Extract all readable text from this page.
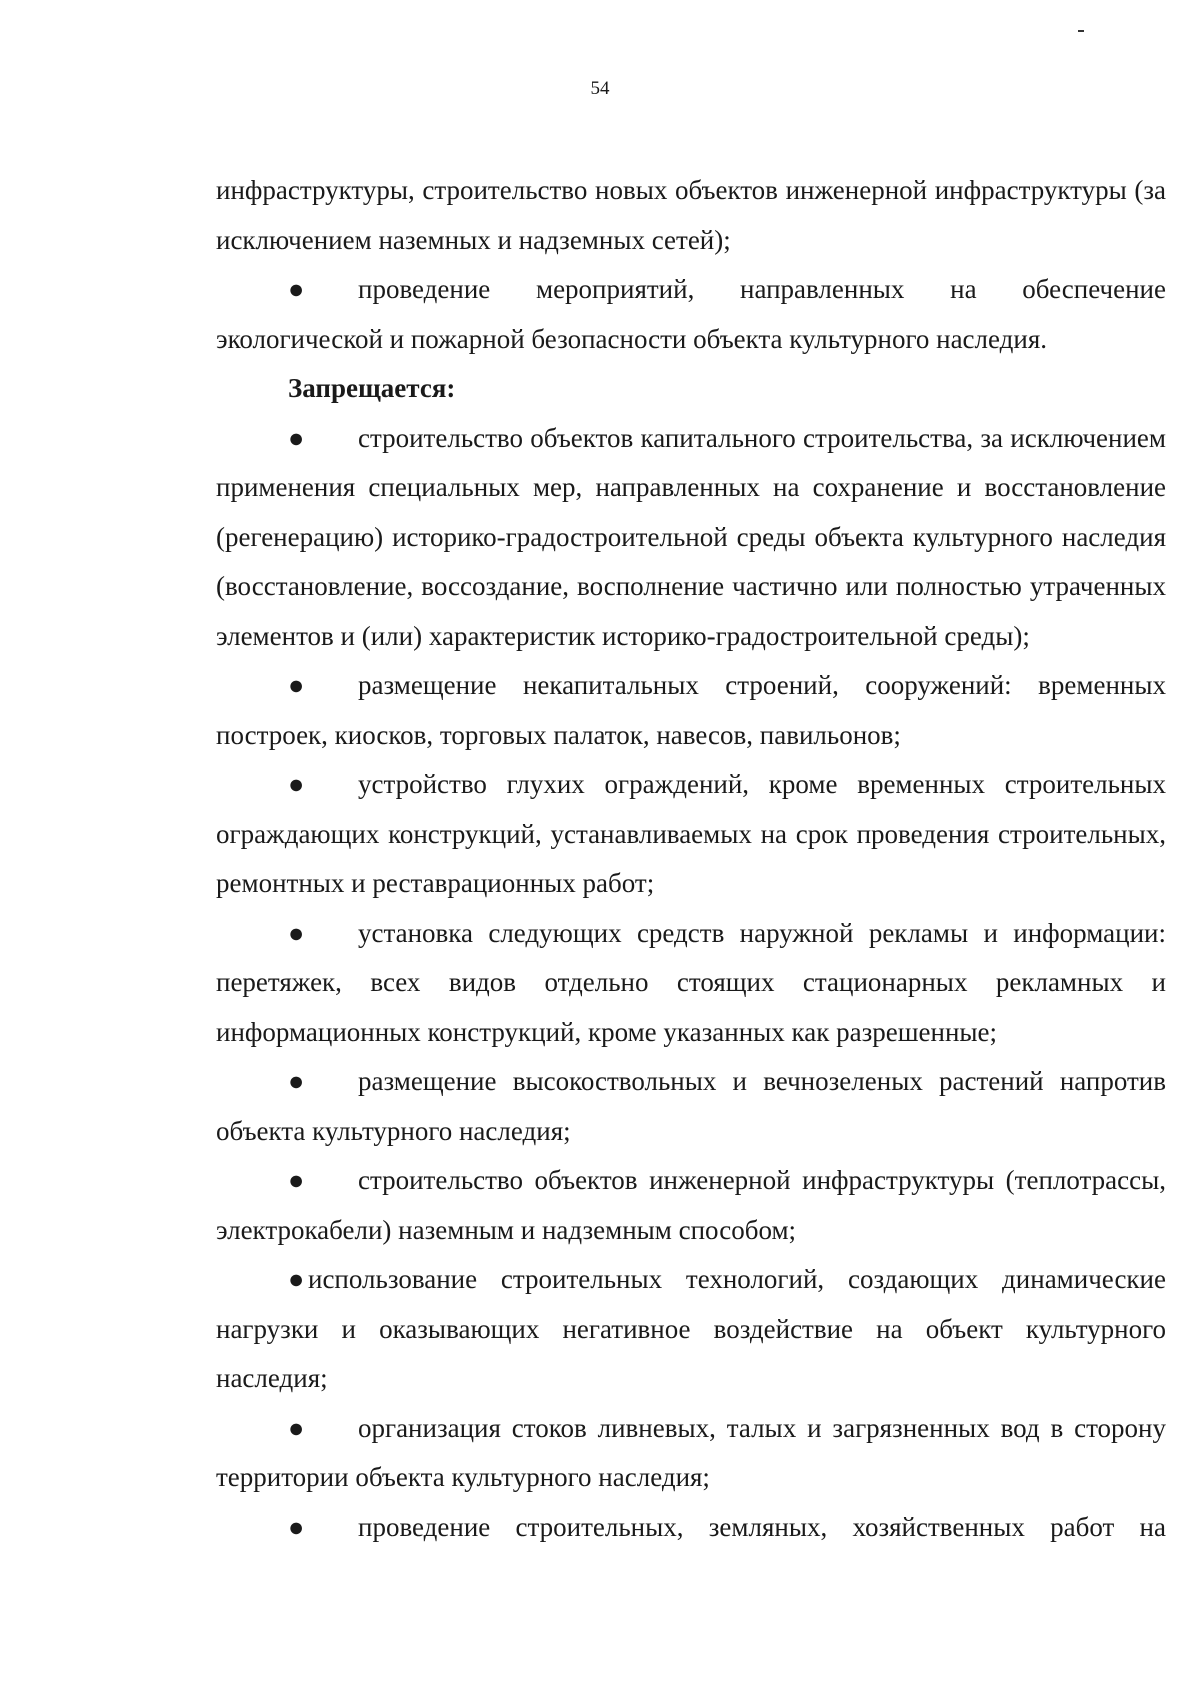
54

инфраструктуры, строительство новых объектов инженерной инфраструктуры (за исключением наземных и надземных сетей);

● проведение мероприятий, направленных на обеспечение экологической и пожарной безопасности объекта культурного наследия.

Запрещается:

● строительство объектов капитального строительства, за исключением применения специальных мер, направленных на сохранение и восстановление (регенерацию) историко-градостроительной среды объекта культурного наследия (восстановление, воссоздание, восполнение частично или полностью утраченных элементов и (или) характеристик историко-градостроительной среды);

● размещение некапитальных строений, сооружений: временных построек, киосков, торговых палаток, навесов, павильонов;

● устройство глухих ограждений, кроме временных строительных ограждающих конструкций, устанавливаемых на срок проведения строительных, ремонтных и реставрационных работ;

● установка следующих средств наружной рекламы и информации: перетяжек, всех видов отдельно стоящих стационарных рекламных и информационных конструкций, кроме указанных как разрешенные;

● размещение высокоствольных и вечнозеленых растений напротив объекта культурного наследия;

● строительство объектов инженерной инфраструктуры (теплотрассы, электрокабели) наземным и надземным способом;

● использование строительных технологий, создающих динамические нагрузки и оказывающих негативное воздействие на объект культурного наследия;

● организация стоков ливневых, талых и загрязненных вод в сторону территории объекта культурного наследия;

● проведение строительных, земляных, хозяйственных работ на
